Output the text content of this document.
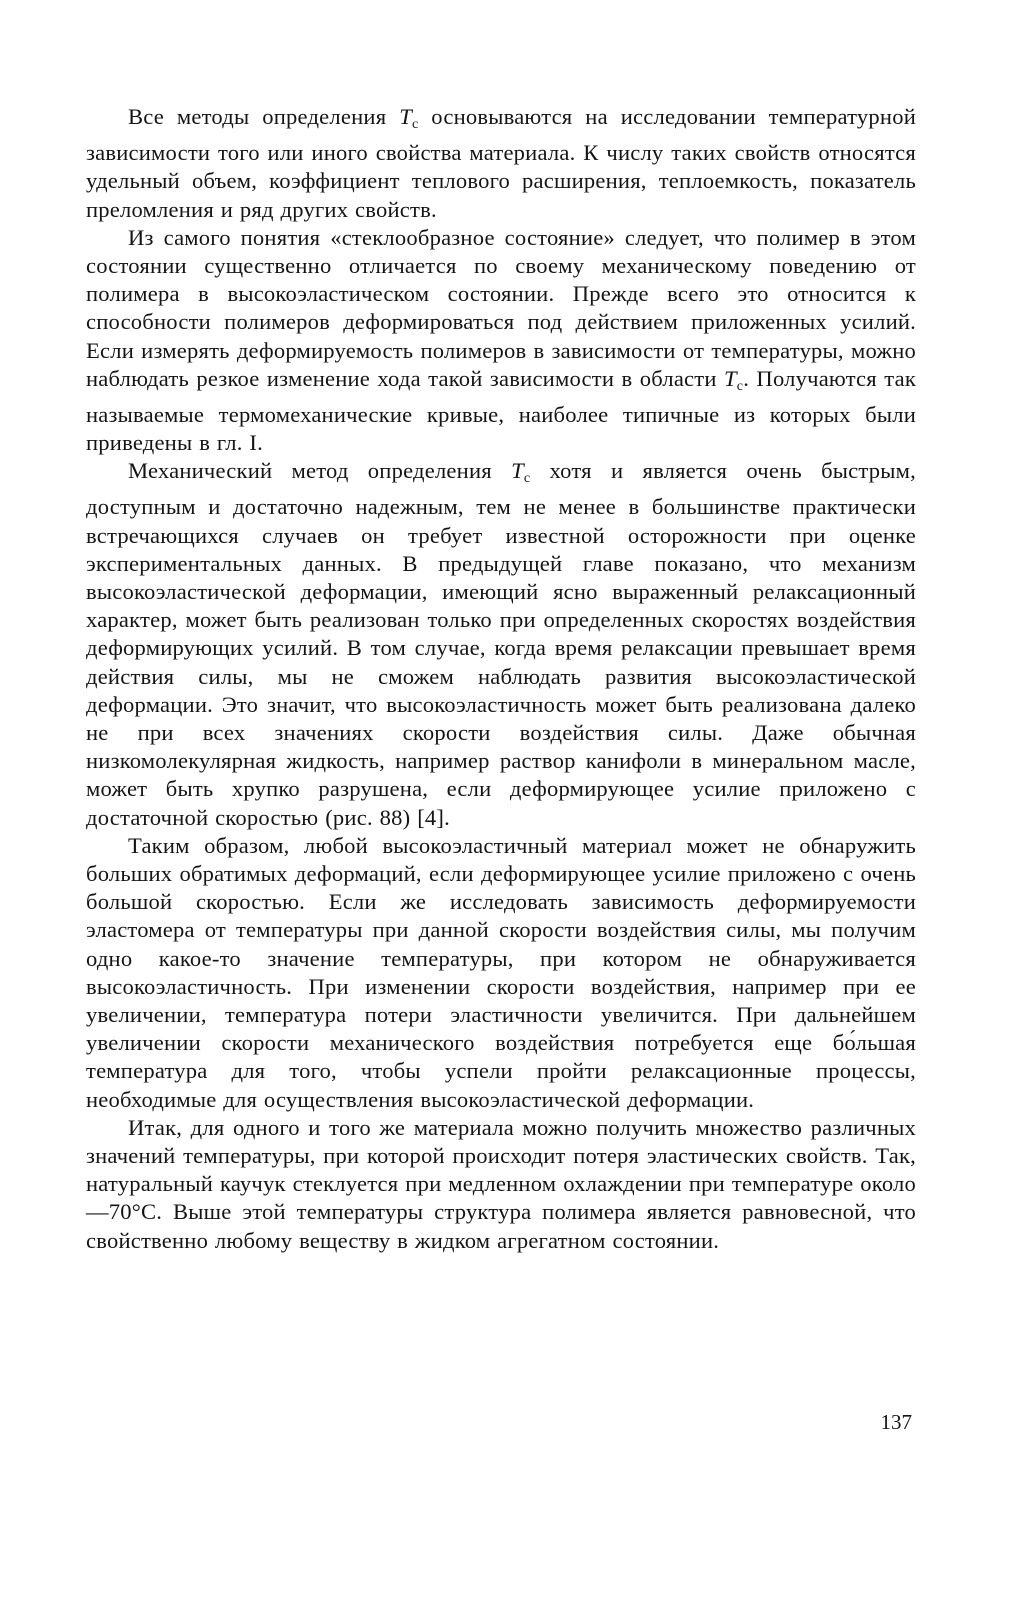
Все методы определения $T_с$ основываются на исследовании температурной зависимости того или иного свойства материала. К числу таких свойств относятся удельный объем, коэффициент теплового расширения, теплоемкость, показатель преломления и ряд других свойств.

Из самого понятия «стеклообразное состояние» следует, что полимер в этом состоянии существенно отличается по своему механическому поведению от полимера в высокоэластическом состоянии. Прежде всего это относится к способности полимеров деформироваться под действием приложенных усилий. Если измерять деформируемость полимеров в зависимости от температуры, можно наблюдать резкое изменение хода такой зависимости в области $T_с$. Получаются так называемые термомеханические кривые, наиболее типичные из которых были приведены в гл. I.

Механический метод определения $T_с$ хотя и является очень быстрым, доступным и достаточно надежным, тем не менее в большинстве практически встречающихся случаев он требует известной осторожности при оценке экспериментальных данных. В предыдущей главе показано, что механизм высокоэластической деформации, имеющий ясно выраженный релаксационный характер, может быть реализован только при определенных скоростях воздействия деформирующих усилий. В том случае, когда время релаксации превышает время действия силы, мы не сможем наблюдать развития высокоэластической деформации. Это значит, что высокоэластичность может быть реализована далеко не при всех значениях скорости воздействия силы. Даже обычная низкомолекулярная жидкость, например раствор канифоли в минеральном масле, может быть хрупко разрушена, если деформирующее усилие приложено с достаточной скоростью (рис. 88) [4].

Таким образом, любой высокоэластичный материал может не обнаружить больших обратимых деформаций, если деформирующее усилие приложено с очень большой скоростью. Если же исследовать зависимость деформируемости эластомера от температуры при данной скорости воздействия силы, мы получим одно какое-то значение температуры, при котором не обнаруживается высокоэластичность. При изменении скорости воздействия, например при ее увеличении, температура потери эластичности увеличится. При дальнейшем увеличении скорости механического воздействия потребуется еще бо́льшая температура для того, чтобы успели пройти релаксационные процессы, необходимые для осуществления высокоэластической деформации.

Итак, для одного и того же материала можно получить множество различных значений температуры, при которой происходит потеря эластических свойств. Так, натуральный каучук стеклуется при медленном охлаждении при температуре около —70°С. Выше этой температуры структура полимера является равновесной, что свойственно любому веществу в жидком агрегатном состоянии.

137
